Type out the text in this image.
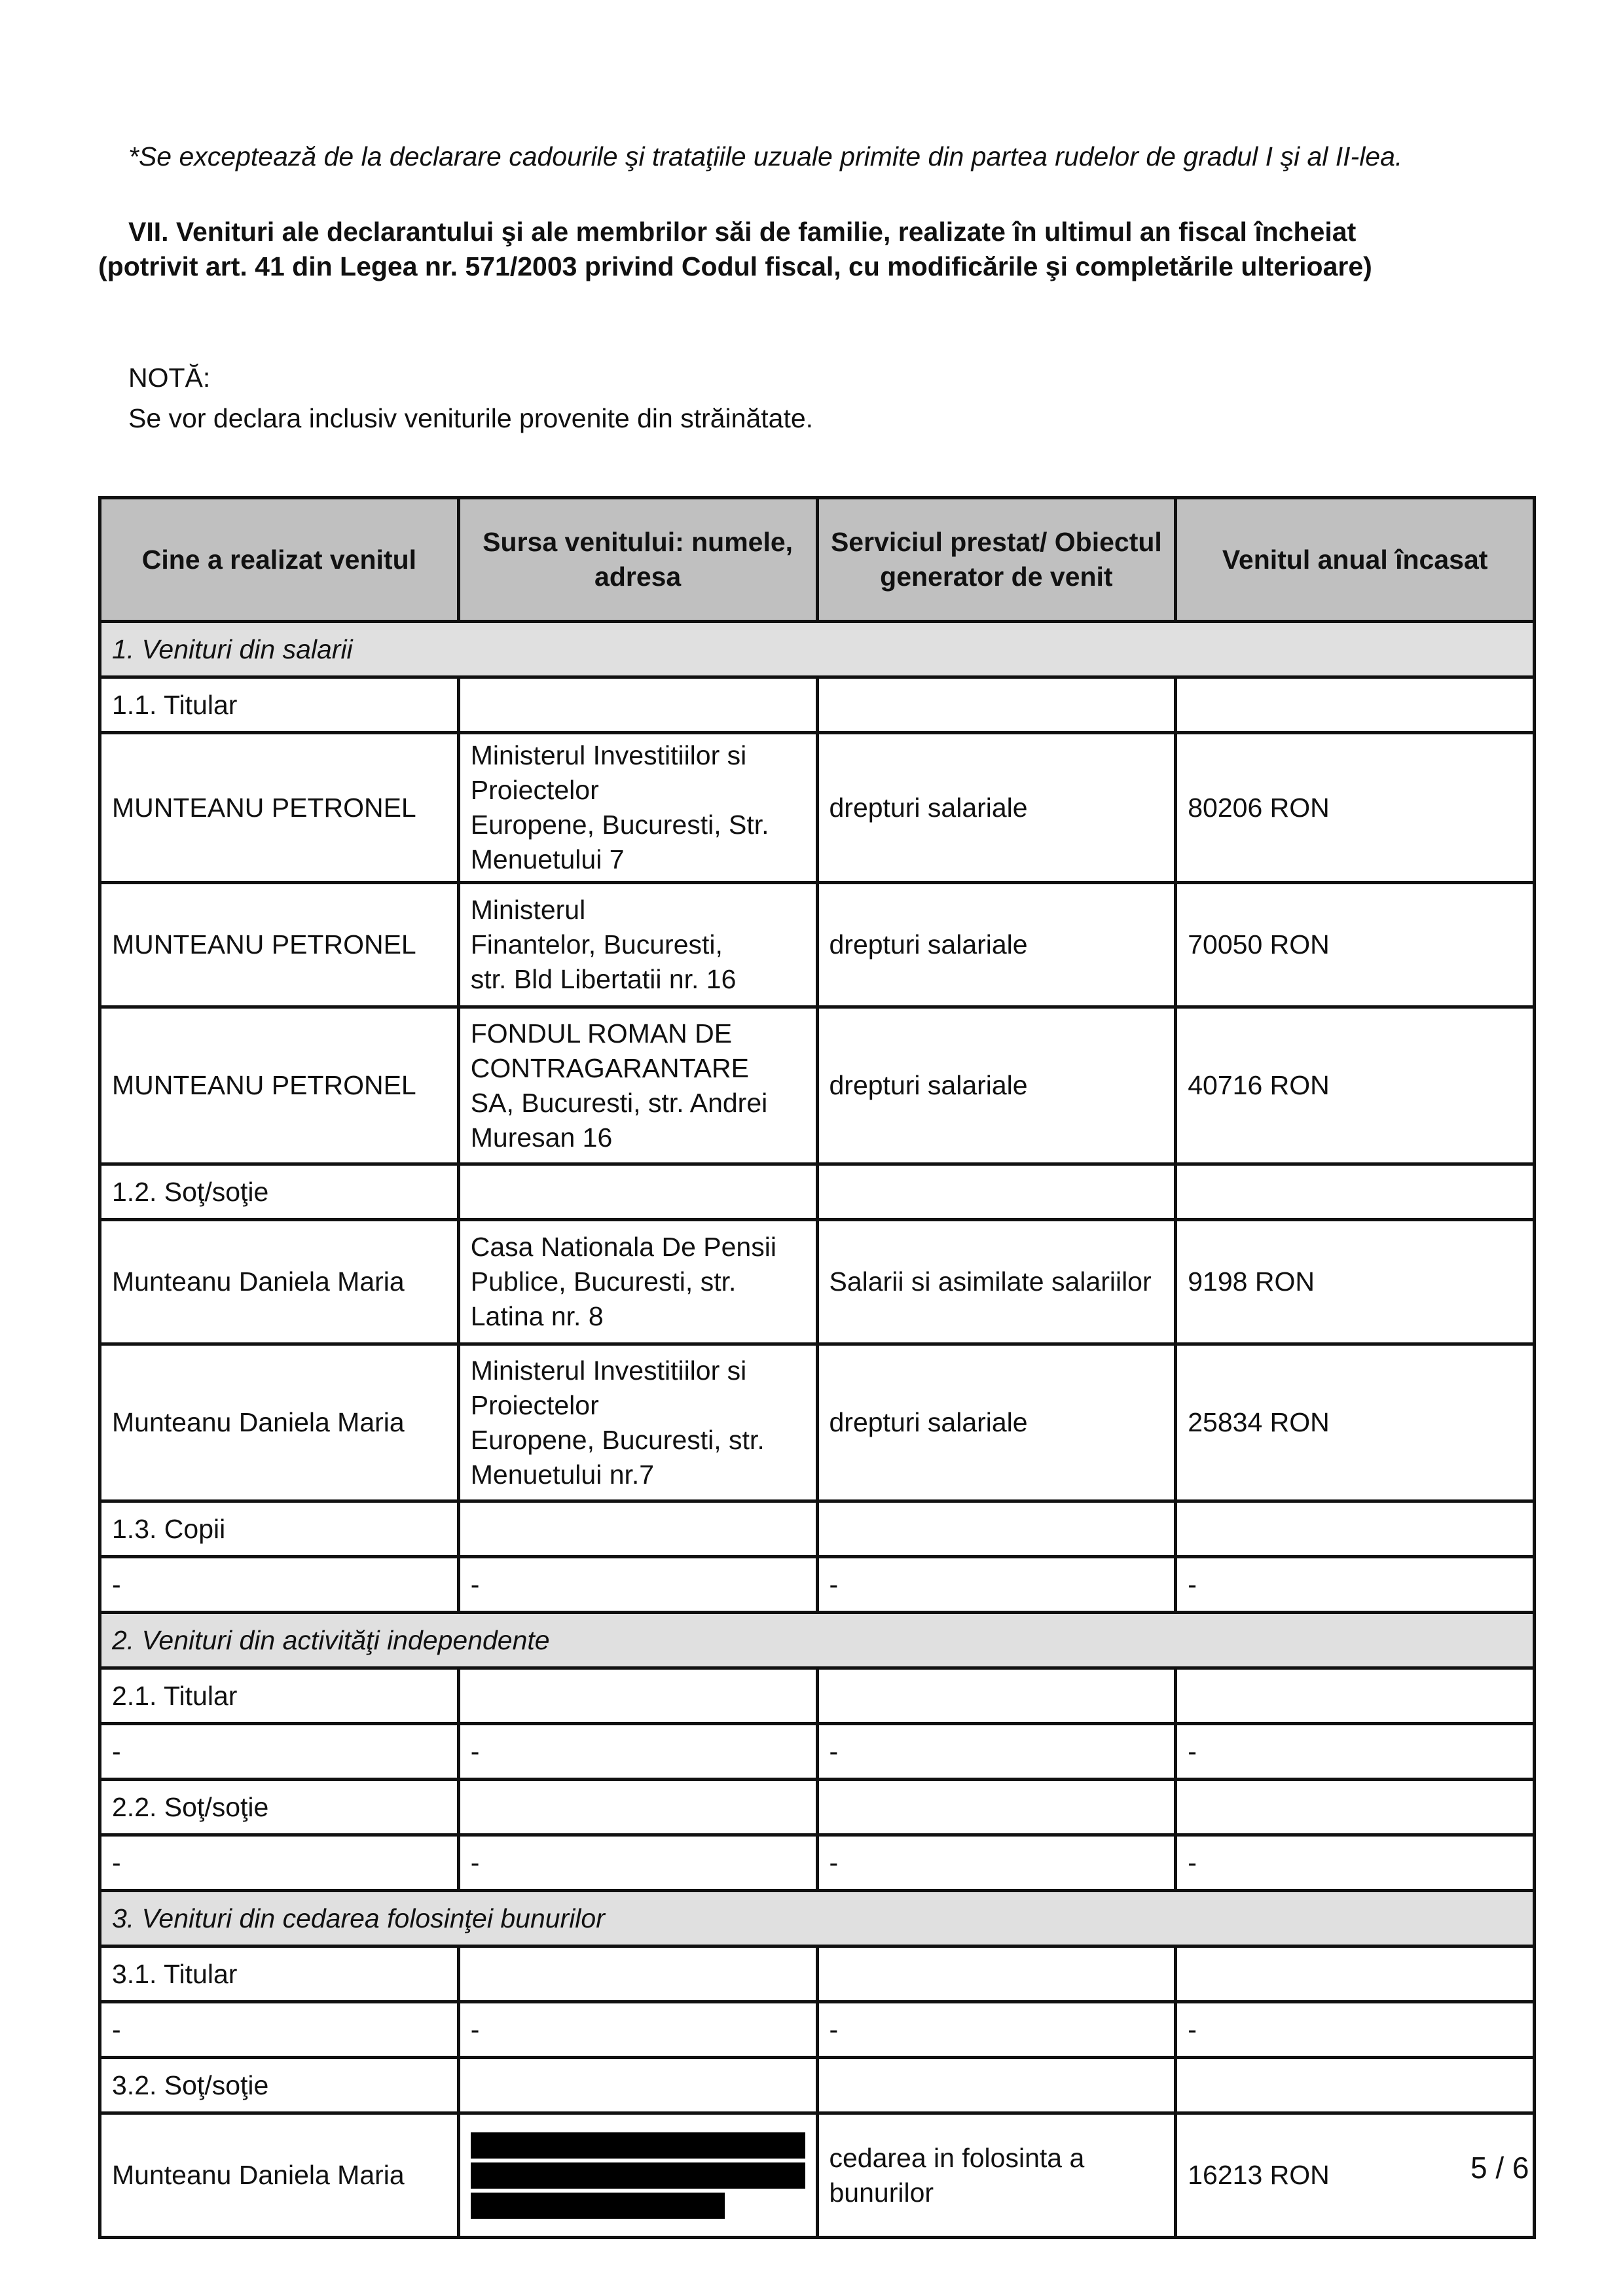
*Se exceptează de la declarare cadourile şi trataţiile uzuale primite din partea rudelor de gradul I şi al II-lea.
VII. Venituri ale declarantului şi ale membrilor săi de familie, realizate în ultimul an fiscal încheiat
(potrivit art. 41 din Legea nr. 571/2003 privind Codul fiscal, cu modificările şi completările ulterioare)
NOTĂ:
Se vor declara inclusiv veniturile provenite din străinătate.
Cine a realizat venitul	Sursa venitului: numele, adresa	Serviciul prestat/ Obiectul generator de venit	Venitul anual încasat
1. Venituri din salarii			
1.1. Titular			
MUNTEANU PETRONEL	Ministerul Investitiilor si
Proiectelor
Europene, Bucuresti, Str.
Menuetului 7	drepturi salariale	80206 RON
MUNTEANU PETRONEL	Ministerul
Finantelor, Bucuresti,
str. Bld Libertatii nr. 16	drepturi salariale	70050 RON
MUNTEANU PETRONEL	FONDUL ROMAN DE
CONTRAGARANTARE
SA, Bucuresti, str. Andrei
Muresan 16	drepturi salariale	40716 RON
1.2. Soţ/soţie			
Munteanu Daniela Maria	Casa Nationala De Pensii
Publice, Bucuresti, str.
Latina nr. 8	Salarii si asimilate salariilor	9198 RON
Munteanu Daniela Maria	Ministerul Investitiilor si
Proiectelor
Europene, Bucuresti, str.
Menuetului nr.7	drepturi salariale	25834 RON
1.3. Copii			
-	-	-	-
2. Venituri din activităţi independente			
2.1. Titular			
-	-	-	-
2.2. Soţ/soţie			
-	-	-	-
3. Venituri din cedarea folosinţei bunurilor			
3.1. Titular			
-	-	-	-
3.2. Soţ/soţie			
Munteanu Daniela Maria		cedarea in folosinta a bunurilor	16213 RON	5 / 6
